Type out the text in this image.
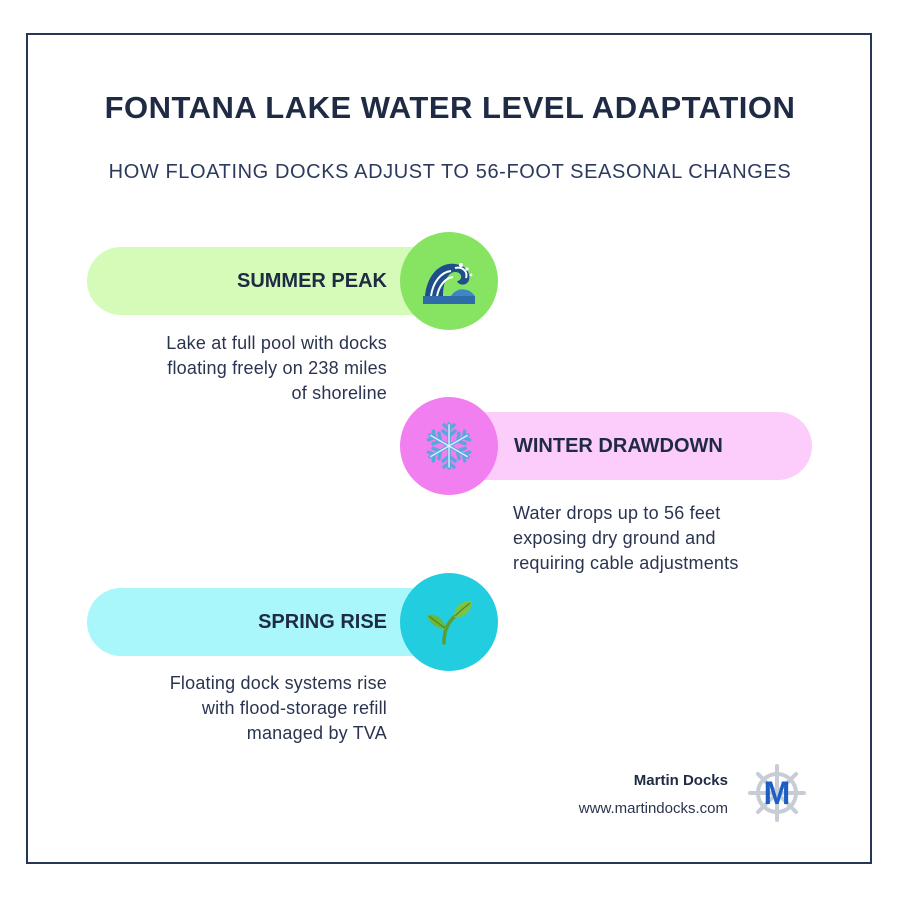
FONTANA LAKE WATER LEVEL ADAPTATION
HOW FLOATING DOCKS ADJUST TO 56-FOOT SEASONAL CHANGES
SUMMER PEAK
Lake at full pool with docks
floating freely on 238 miles
of shoreline
WINTER DRAWDOWN
Water drops up to 56 feet
exposing dry ground and
requiring cable adjustments
SPRING RISE
Floating dock systems rise
with flood-storage refill
managed by TVA
Martin Docks
www.martindocks.com M
